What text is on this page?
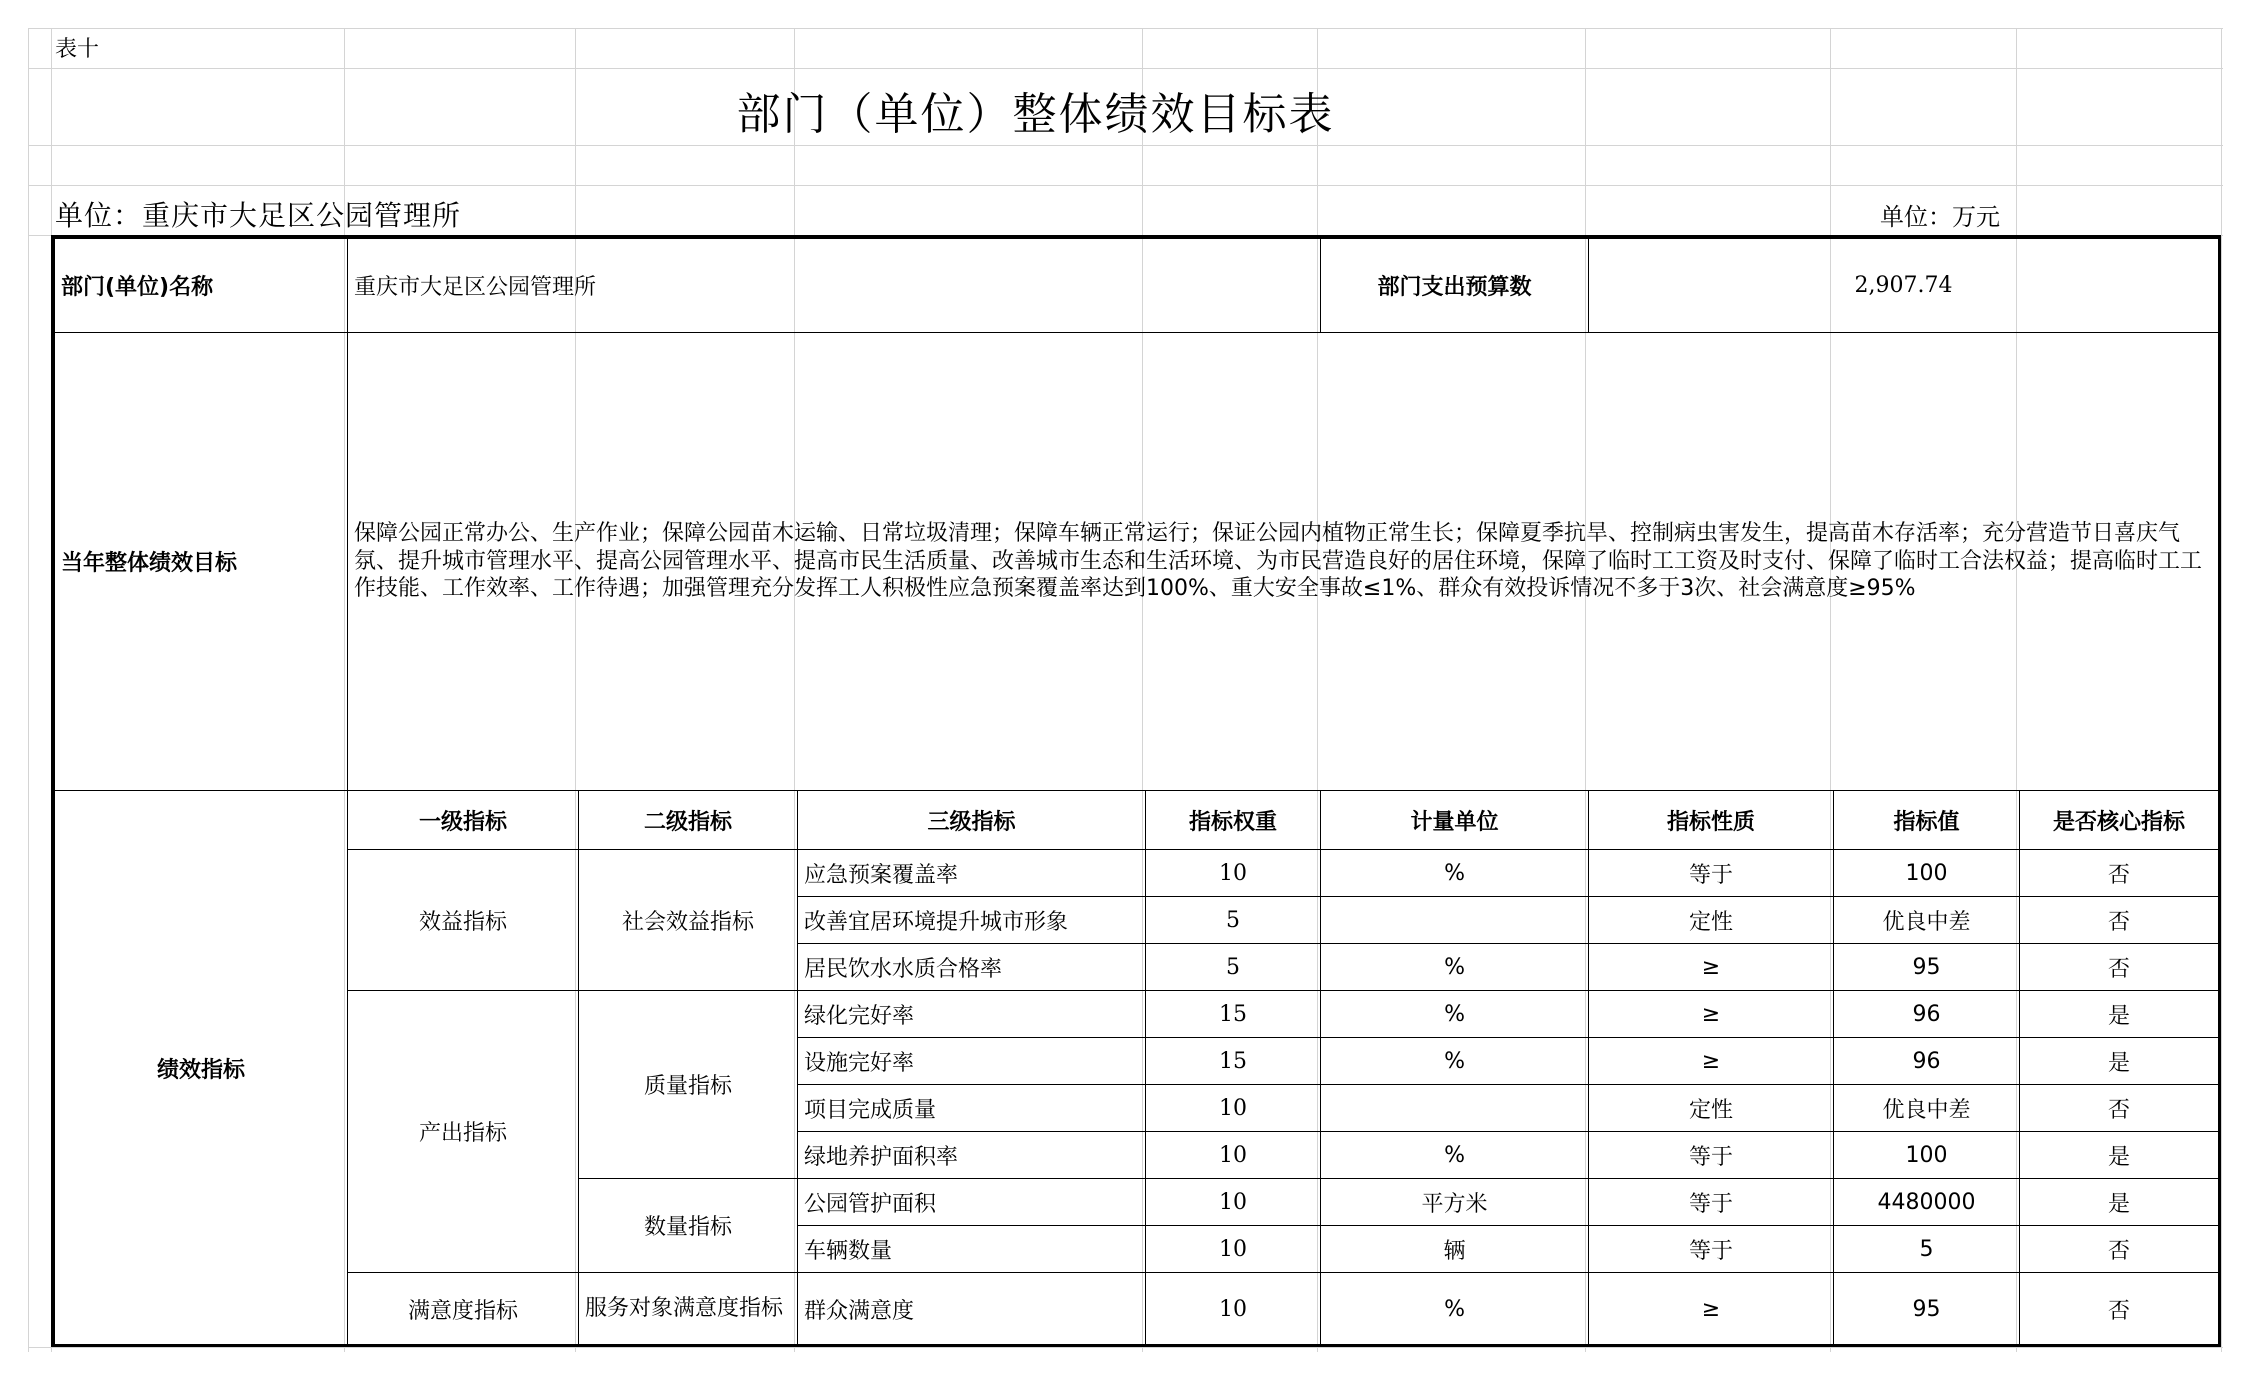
表十
部门（单位）整体绩效目标表
单位：重庆市大足区公园管理所	单位：万元
部门(单位)名称	重庆市大足区公园管理所				部门支出预算数	2,907.74		
当年整体绩效目标	保障公园正常办公、生产作业；保障公园苗木运输、日常垃圾清理；保障车辆正常运行；保证公园内植物正常生长；保障夏季抗旱、控制病虫害发生，提高苗木存活率；充分营造节日喜庆气氛、提升城市管理水平、提高公园管理水平、提高市民生活质量、改善城市生态和生活环境、为市民营造良好的居住环境，保障了临时工工资及时支付、保障了临时工合法权益；提高临时工工作技能、工作效率、工作待遇；加强管理充分发挥工人积极性应急预案覆盖率达到100%、重大安全事故≤1%、群众有效投诉情况不多于3次、社会满意度≥95%							
绩效指标	一级指标	二级指标	三级指标	指标权重	计量单位	指标性质	指标值	是否核心指标
	效益指标	社会效益指标	应急预案覆盖率	10	%	等于	100	否
			改善宜居环境提升城市形象	5		定性	优良中差	否
			居民饮水水质合格率	5	%	≥	95	否
	产出指标	质量指标	绿化完好率	15	%	≥	96	是
			设施完好率	15	%	≥	96	是
			项目完成质量	10		定性	优良中差	否
			绿地养护面积率	10	%	等于	100	是
		数量指标	公园管护面积	10	平方米	等于	4480000	是
			车辆数量	10	辆	等于	5	否
	满意度指标	服务对象满意度指标	群众满意度	10	%	≥	95	否
